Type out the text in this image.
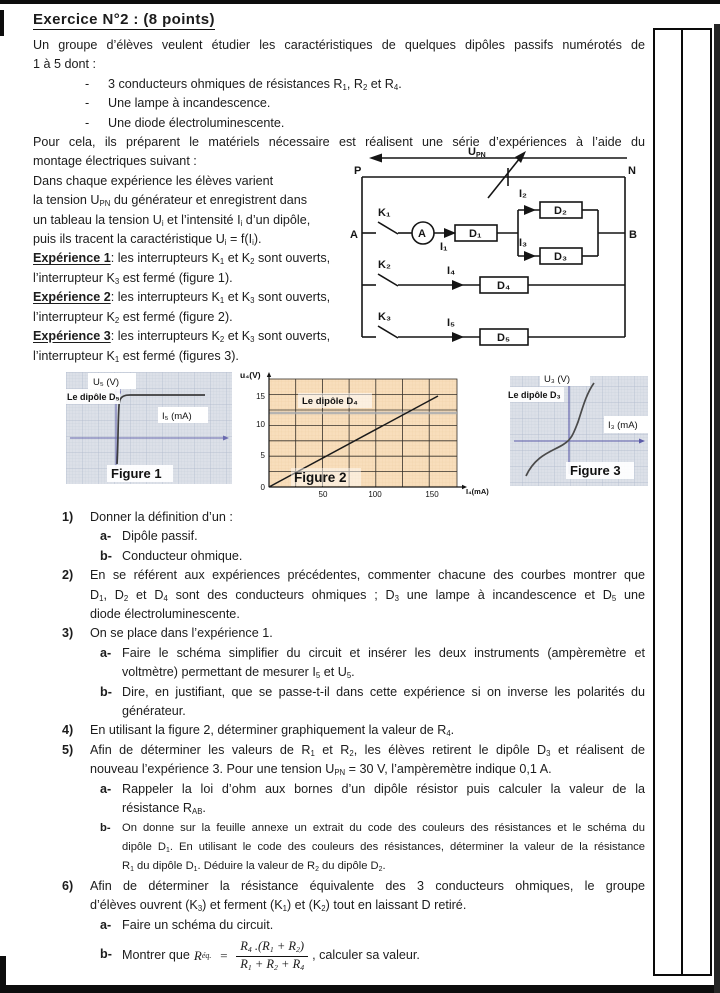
Exercice N°2 : (8 points)
Un groupe d’élèves veulent étudier les caractéristiques de quelques dipôles passifs numérotés de
1 à 5 dont :
- 3 conducteurs ohmiques de résistances $R_1$, $R_2$ et $R_4$.
- Une lampe à incandescence.
- Une diode électroluminescente.
Pour cela, ils préparent le matériels nécessaire est réalisent une série d’expériences à l’aide du
montage électriques suivant :
Dans chaque expérience les élèves varient
la tension $U_{PN}$ du générateur et enregistrent dans
un tableau la tension $U_i$ et l’intensité $I_i$ d’un dipôle,
puis ils tracent la caractéristique $U_i = f(I_i)$.
Expérience 1: les interrupteurs $K_1$ et $K_2$ sont ouverts,
l’interrupteur $K_3$ est fermé (figure 1).
Expérience 2: les interrupteurs $K_1$ et $K_3$ sont ouverts,
l’interrupteur $K_2$ est fermé (figure 2).
Expérience 3: les interrupteurs $K_2$ et $K_3$ sont ouverts,
l’interrupteur $K_1$ est fermé (figures 3).
UPN
P	N
A	B
K₁
K₂
K₃
A
I₁
I₂
I₃
I₄
I₅
D₁
D₂
D₃
D₄
D₅
U₅ (V)
Le dipôle D₅
I₅ (mA)
Figure 1
u₄(V)
0
5
10
15
50	100	150	I₄(mA)
Le dipôle D₄
Figure 2
U₃ (V)
Le dipôle D₃
I₃ (mA)
Figure 3
1) Donner la définition d’un :
a- Dipôle passif.
b- Conducteur ohmique.
2) En se référent aux expériences précédentes, commenter chacune des courbes montrer que
$D_1$, $D_2$ et $D_4$ sont des conducteurs ohmiques ; $D_3$ une lampe à incandescence et $D_5$ une
diode électroluminescente.
3) On se place dans l’expérience 1.
a- Faire le schéma simplifier du circuit et insérer les deux instruments (ampèremètre et
voltmètre) permettant de mesurer $I_5$ et $U_5$.
b- Dire, en justifiant, que se passe-t-il dans cette expérience si on inverse les polarités du
générateur.
4) En utilisant la figure 2, déterminer graphiquement la valeur de $R_4$.
5) Afin de déterminer les valeurs de $R_1$ et $R_2$, les élèves retirent le dipôle $D_3$ et réalisent de
nouveau l’expérience 3. Pour une tension $U_{PN} = 30$ V, l’ampèremètre indique 0,1 A.
a- Rappeler la loi d’ohm aux bornes d’un dipôle résistor puis calculer la valeur de la
résistance $R_{AB}$.
b- On donne sur la feuille annexe un extrait du code des couleurs des résistances et le schéma du
dipôle $D_1$. En utilisant le code des couleurs des résistances, déterminer la valeur de la résistance
$R_1$ du dipôle $D_1$. Déduire la valeur de $R_2$ du dipôle $D_2$.
6) Afin de déterminer la résistance équivalente des 3 conducteurs ohmiques, le groupe
d’élèves ouvrent $(K_3)$ et ferment $(K_1)$ et $(K_2)$ tout en laissant D retiré.
a- Faire un schéma du circuit.
b- Montrer que R éq. = $\frac{R_4 .(R_1 + R_2)}{R_1 + R_2 + R_4}$ , calculer sa valeur.
